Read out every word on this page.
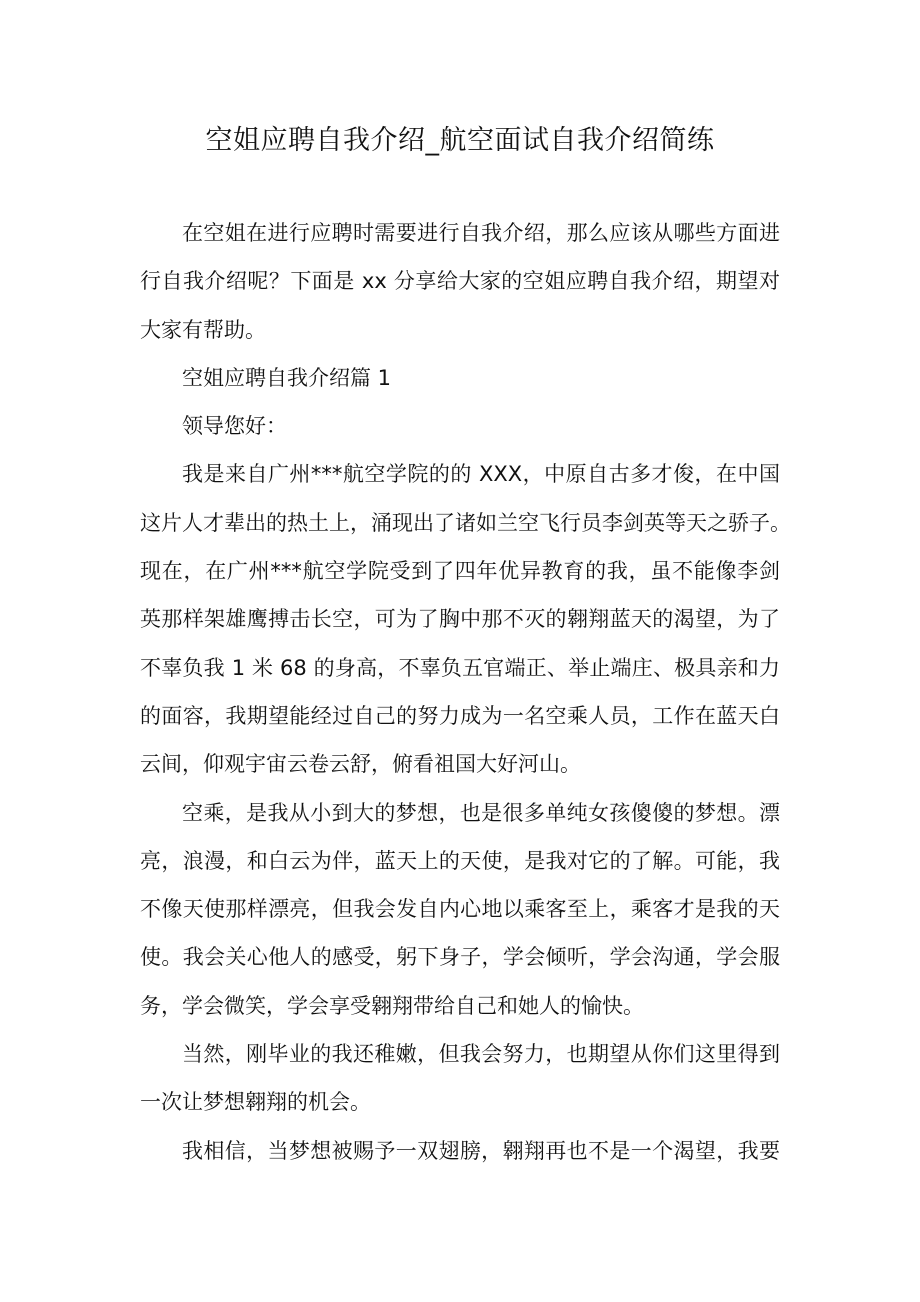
空姐应聘自我介绍_航空面试自我介绍简练
在空姐在进行应聘时需要进行自我介绍，那么应该从哪些方面进
行自我介绍呢？下面是 xx 分享给大家的空姐应聘自我介绍，期望对
大家有帮助。
空姐应聘自我介绍篇 1
领导您好：
我是来自广州***航空学院的的 XXX，中原自古多才俊，在中国
这片人才辈出的热土上，涌现出了诸如兰空飞行员李剑英等天之骄子。
现在，在广州***航空学院受到了四年优异教育的我，虽不能像李剑
英那样架雄鹰搏击长空，可为了胸中那不灭的翱翔蓝天的渴望，为了
不辜负我 1 米 68 的身高，不辜负五官端正、举止端庄、极具亲和力
的面容，我期望能经过自己的努力成为一名空乘人员，工作在蓝天白
云间，仰观宇宙云卷云舒，俯看祖国大好河山。
空乘，是我从小到大的梦想，也是很多单纯女孩傻傻的梦想。漂
亮，浪漫，和白云为伴，蓝天上的天使，是我对它的了解。可能，我
不像天使那样漂亮，但我会发自内心地以乘客至上，乘客才是我的天
使。我会关心他人的感受，躬下身子，学会倾听，学会沟通，学会服
务，学会微笑，学会享受翱翔带给自己和她人的愉快。
当然，刚毕业的我还稚嫩，但我会努力，也期望从你们这里得到
一次让梦想翱翔的机会。
我相信，当梦想被赐予一双翅膀，翱翔再也不是一个渴望，我要
